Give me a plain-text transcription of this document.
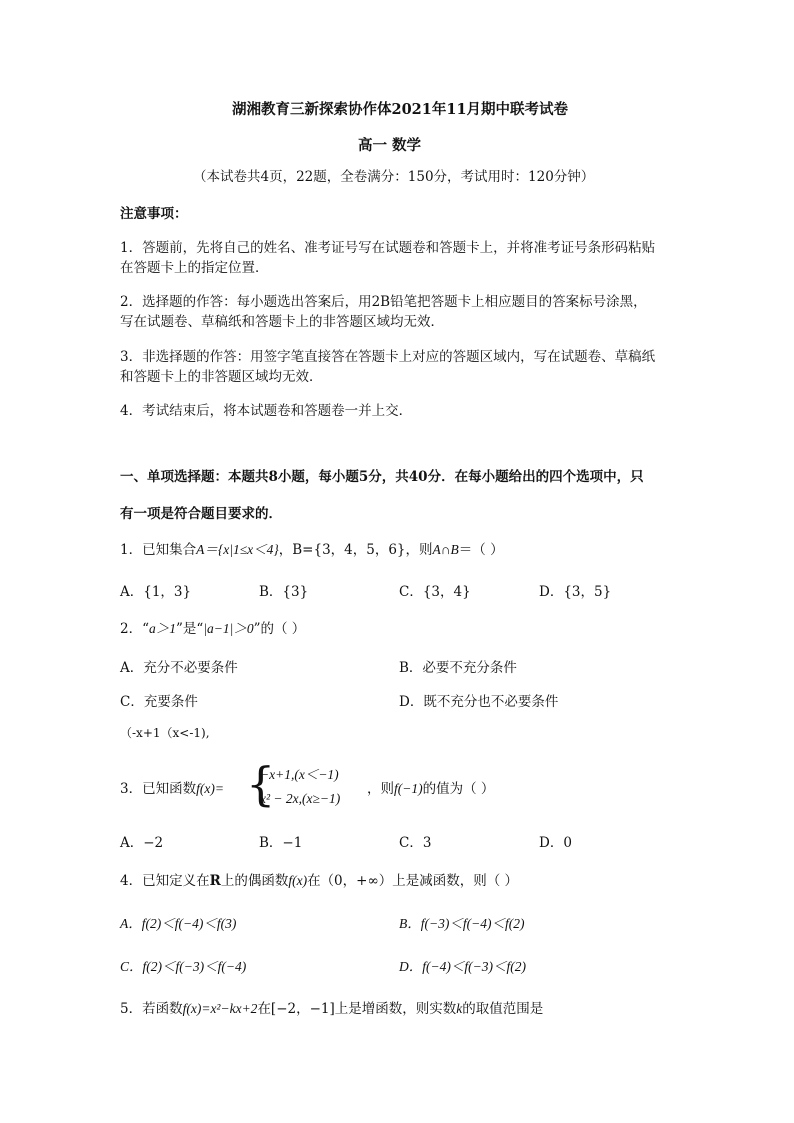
湖湘教育三新探索协作体2021年11月期中联考试卷
高一 数学
（本试卷共4页，22题，全卷满分：150分，考试用时：120分钟）
注意事项：
1．答题前，先将自己的姓名、准考证号写在试题卷和答题卡上，并将准考证号条形码粘贴
在答题卡上的指定位置．
2．选择题的作答：每小题选出答案后，用2B铅笔把答题卡上相应题目的答案标号涂黑，
写在试题卷、草稿纸和答题卡上的非答题区域均无效．
3．非选择题的作答：用签字笔直接答在答题卡上对应的答题区域内，写在试题卷、草稿纸
和答题卡上的非答题区域均无效．
4．考试结束后，将本试题卷和答题卷一并上交．
一、单项选择题：本题共8小题，每小题5分，共40分．在每小题给出的四个选项中，只
有一项是符合题目要求的．
1．已知集合A＝{x|1≤x＜4}，B={3，4，5，6}，则A∩B＝（ ）
A．{1，3}	B．{3}	C．{3，4}	D．{3，5}
2．“a＞1”是“|a−1|＞0”的（ ）
A．充分不必要条件	B．必要不充分条件
C．充要条件	D．既不充分也不必要条件
（-x+1（x<-1),
3．已知函数f(x)= {
−x+1,(x＜−1)
x² − 2x,(x≥−1)
，则f(−1)的值为（ ）
A．−2	B．−1	C．3	D．0
4．已知定义在R上的偶函数f(x)在（0，+∞）上是减函数，则（ ）
A．f(2)＜f(−4)＜f(3)	B．f(−3)＜f(−4)＜f(2)
C．f(2)＜f(−3)＜f(−4)	D．f(−4)＜f(−3)＜f(2)
5．若函数f(x)=x²−kx+2在[−2，−1]上是增函数，则实数k的取值范围是
